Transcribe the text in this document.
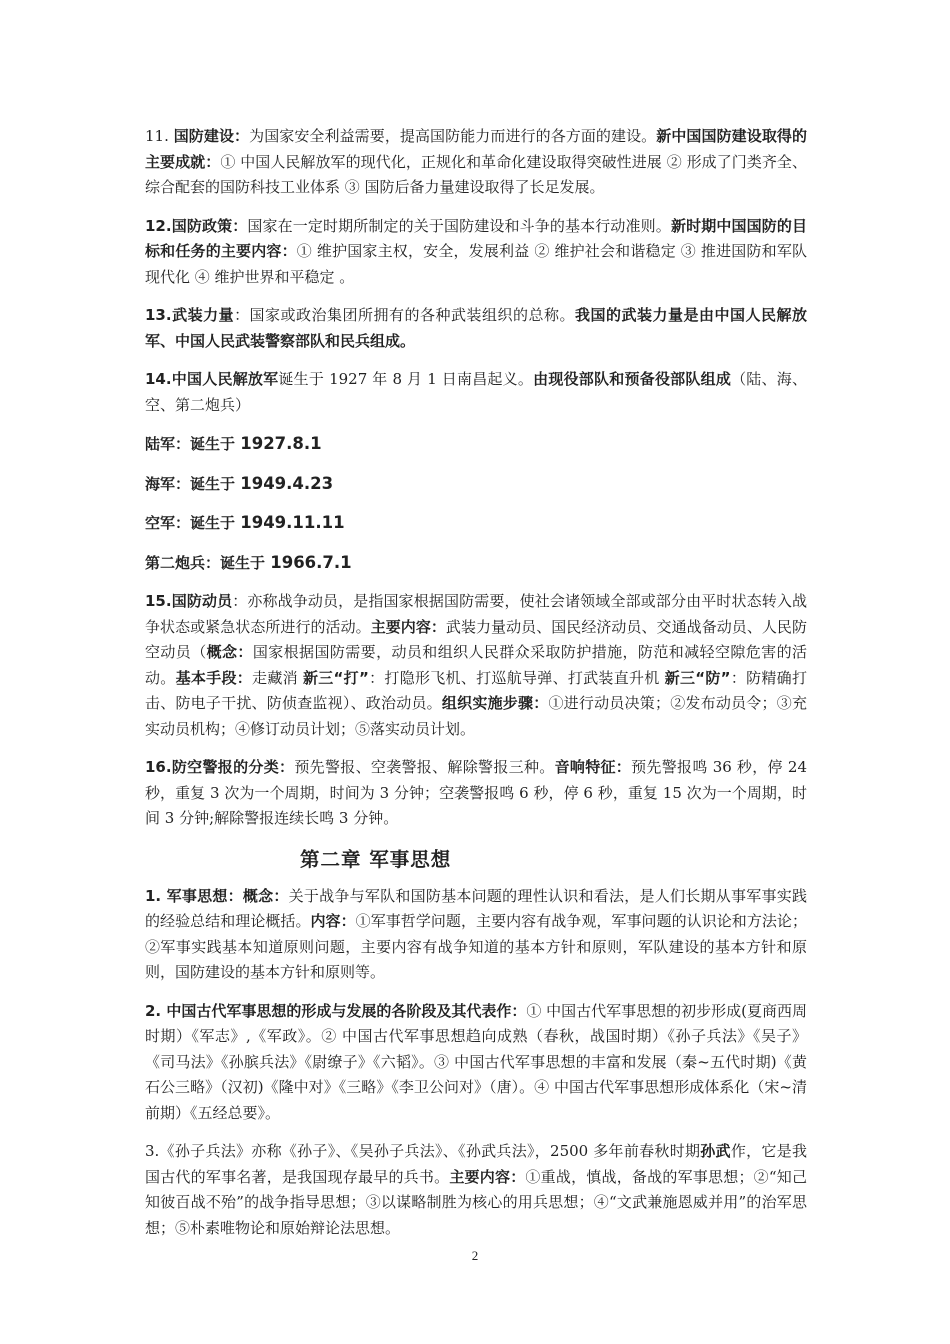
11. 国防建设：为国家安全利益需要，提高国防能力而进行的各方面的建设。新中国国防建设取得的主要成就：① 中国人民解放军的现代化，正规化和革命化建设取得突破性进展 ② 形成了门类齐全、综合配套的国防科技工业体系 ③ 国防后备力量建设取得了长足发展。

12.国防政策：国家在一定时期所制定的关于国防建设和斗争的基本行动准则。新时期中国国防的目标和任务的主要内容：① 维护国家主权，安全，发展利益 ② 维护社会和谐稳定 ③ 推进国防和军队现代化 ④ 维护世界和平稳定 。

13.武装力量：国家或政治集团所拥有的各种武装组织的总称。我国的武装力量是由中国人民解放军、中国人民武装警察部队和民兵组成。

14.中国人民解放军诞生于 1927 年 8 月 1 日南昌起义。由现役部队和预备役部队组成（陆、海、空、第二炮兵）

陆军：诞生于 1927.8.1

海军：诞生于 1949.4.23

空军：诞生于 1949.11.11

第二炮兵：诞生于 1966.7.1

15.国防动员：亦称战争动员，是指国家根据国防需要，使社会诸领域全部或部分由平时状态转入战争状态或紧急状态所进行的活动。主要内容：武装力量动员、国民经济动员、交通战备动员、人民防空动员（概念：国家根据国防需要，动员和组织人民群众采取防护措施，防范和减轻空隙危害的活动。基本手段：走藏消 新三“打”：打隐形飞机、打巡航导弹、打武装直升机 新三“防”：防精确打击、防电子干扰、防侦查监视）、政治动员。组织实施步骤：①进行动员决策；②发布动员令；③充实动员机构；④修订动员计划；⑤落实动员计划。

16.防空警报的分类：预先警报、空袭警报、解除警报三种。音响特征：预先警报鸣 36 秒，停 24 秒，重复 3 次为一个周期，时间为 3 分钟；空袭警报鸣 6 秒，停 6 秒，重复 15 次为一个周期，时间 3 分钟;解除警报连续长鸣 3 分钟。

第二章 军事思想

1. 军事思想：概念：关于战争与军队和国防基本问题的理性认识和看法，是人们长期从事军事实践的经验总结和理论概括。内容：①军事哲学问题，主要内容有战争观，军事问题的认识论和方法论；②军事实践基本知道原则问题，主要内容有战争知道的基本方针和原则，军队建设的基本方针和原则，国防建设的基本方针和原则等。

2. 中国古代军事思想的形成与发展的各阶段及其代表作：① 中国古代军事思想的初步形成(夏商西周时期）《军志》,《军政》。② 中国古代军事思想趋向成熟（春秋，战国时期）《孙子兵法》《吴子》《司马法》《孙膑兵法》《尉缭子》《六韬》。③ 中国古代军事思想的丰富和发展（秦~五代时期)《黄石公三略》（汉初)《隆中对》《三略》《李卫公问对》（唐）。④ 中国古代军事思想形成体系化（宋~清前期）《五经总要》。

3.《孙子兵法》亦称《孙子》、《吴孙子兵法》、《孙武兵法》，2500 多年前春秋时期孙武作，它是我国古代的军事名著，是我国现存最早的兵书。主要内容：①重战，慎战，备战的军事思想；②“知己知彼百战不殆”的战争指导思想；③以谋略制胜为核心的用兵思想；④“文武兼施恩威并用”的治军思想；⑤朴素唯物论和原始辩论法思想。

2
